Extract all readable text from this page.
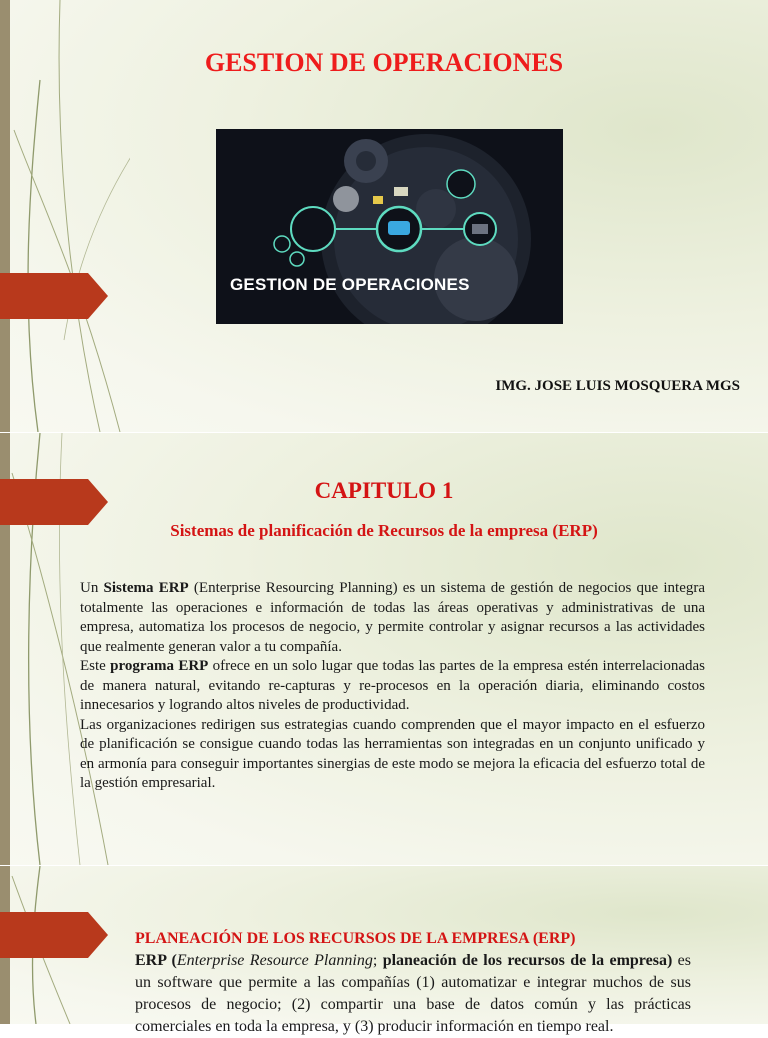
GESTION DE OPERACIONES
GESTION DE OPERACIONES
IMG. JOSE LUIS MOSQUERA MGS
CAPITULO 1
Sistemas de planificación de Recursos de la empresa (ERP)

Un Sistema ERP (Enterprise Resourcing Planning) es un sistema de gestión de negocios que integra totalmente las operaciones e información de todas las áreas operativas y administrativas de una empresa, automatiza los procesos de negocio, y permite controlar y asignar recursos a las actividades que realmente generan valor a tu compañía.

Este programa ERP ofrece en un solo lugar que todas las partes de la empresa estén interrelacionadas de manera natural, evitando re-capturas y re-procesos en la operación diaria, eliminando costos innecesarios y logrando altos niveles de productividad.

Las organizaciones redirigen sus estrategias cuando comprenden que el mayor impacto en el esfuerzo de planificación se consigue cuando todas las herramientas son integradas en un conjunto unificado y en armonía para conseguir importantes sinergias de este modo se mejora la eficacia del esfuerzo total de la gestión empresarial.

PLANEACIÓN DE LOS RECURSOS DE LA EMPRESA (ERP)

ERP (Enterprise Resource Planning; planeación de los recursos de la empresa) es un software que permite a las compañías (1) automatizar e integrar muchos de sus procesos de negocio; (2) compartir una base de datos común y las prácticas comerciales en toda la empresa, y (3) producir información en tiempo real.
